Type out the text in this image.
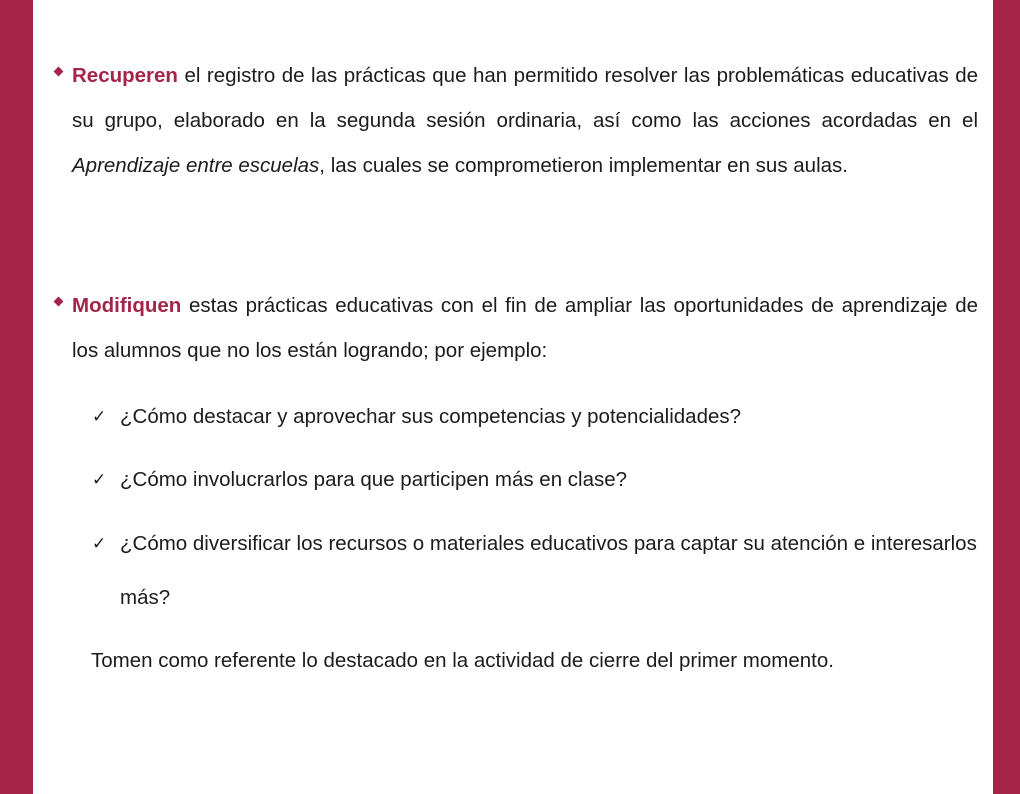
Recuperen el registro de las prácticas que han permitido resolver las problemáticas educativas de su grupo, elaborado en la segunda sesión ordinaria, así como las acciones acordadas en el Aprendizaje entre escuelas, las cuales se comprometieron implementar en sus aulas.
Modifiquen estas prácticas educativas con el fin de ampliar las oportunidades de aprendizaje de los alumnos que no los están logrando; por ejemplo:
✓ ¿Cómo destacar y aprovechar sus competencias y potencialidades?
✓ ¿Cómo involucrarlos para que participen más en clase?
✓ ¿Cómo diversificar los recursos o materiales educativos para captar su atención e interesarlos más?
Tomen como referente lo destacado en la actividad de cierre del primer momento.
